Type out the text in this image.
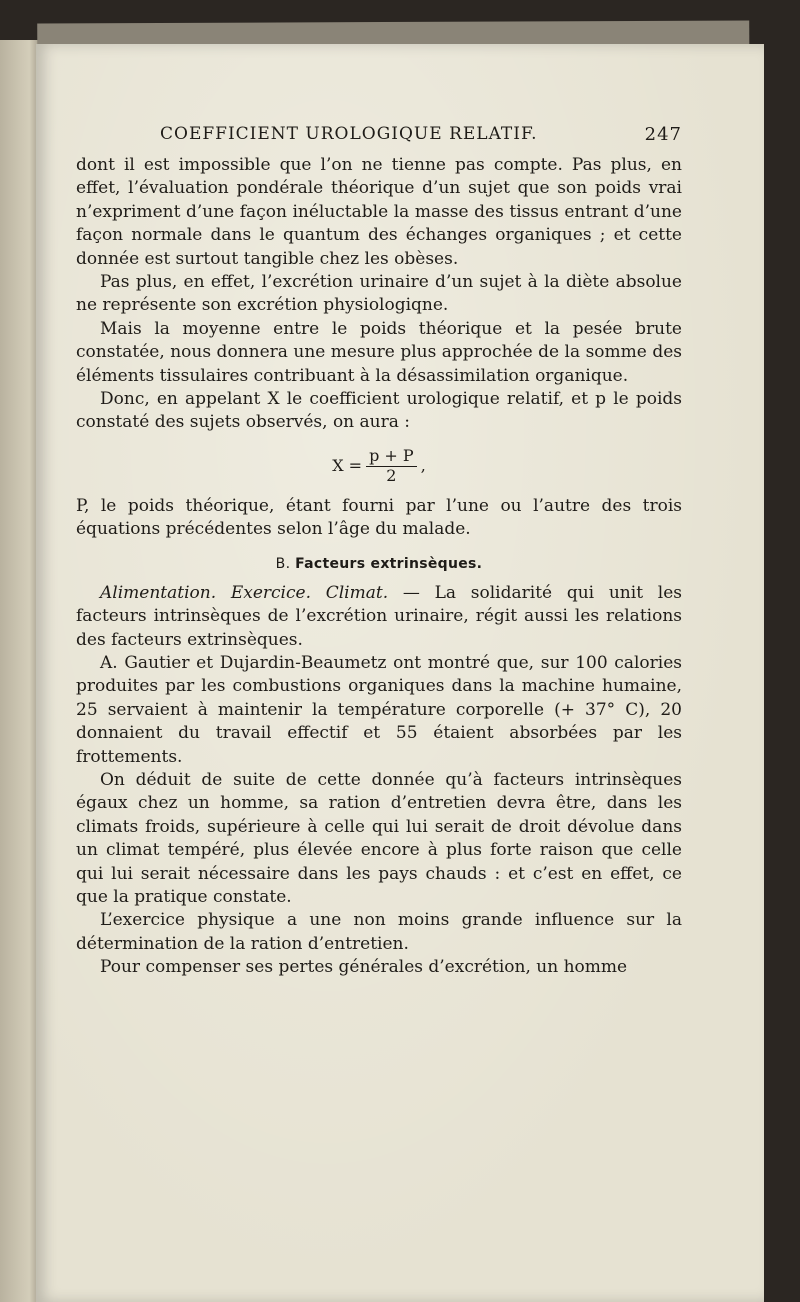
COEFFICIENT UROLOGIQUE RELATIF.	247

dont il est impossible que l’on ne tienne pas compte. Pas plus, en effet, l’évaluation pondérale théorique d’un sujet que son poids vrai n’expriment d’une façon inéluctable la masse des tissus entrant d’une façon normale dans le quantum des échanges organiques ; et cette donnée est surtout tangible chez les obèses.

Pas plus, en effet, l’excrétion urinaire d’un sujet à la diète absolue ne représente son excrétion physiologiqne.

Mais la moyenne entre le poids théorique et la pesée brute constatée, nous donnera une mesure plus approchée de la somme des éléments tissulaires contribuant à la désassimilation organique.

Donc, en appelant X le coefficient urologique relatif, et p le poids constaté des sujets observés, on aura :

$X = \frac{p + P}{2}$ ,

P, le poids théorique, étant fourni par l’une ou l’autre des trois équations précédentes selon l’âge du malade.

B. Facteurs extrinsèques.

Alimentation. Exercice. Climat. — La solidarité qui unit les facteurs intrinsèques de l’excrétion urinaire, régit aussi les relations des facteurs extrinsèques.

A. Gautier et Dujardin-Beaumetz ont montré que, sur 100 calories produites par les combustions organiques dans la machine humaine, 25 servaient à maintenir la température corporelle (+ 37° C), 20 donnaient du travail effectif et 55 étaient absorbées par les frottements.

On déduit de suite de cette donnée qu’à facteurs intrinsèques égaux chez un homme, sa ration d’entretien devra être, dans les climats froids, supérieure à celle qui lui serait de droit dévolue dans un climat tempéré, plus élevée encore à plus forte raison que celle qui lui serait nécessaire dans les pays chauds : et c’est en effet, ce que la pratique constate.

L’exercice physique a une non moins grande influence sur la détermination de la ration d’entretien.

Pour compenser ses pertes générales d’excrétion, un homme
